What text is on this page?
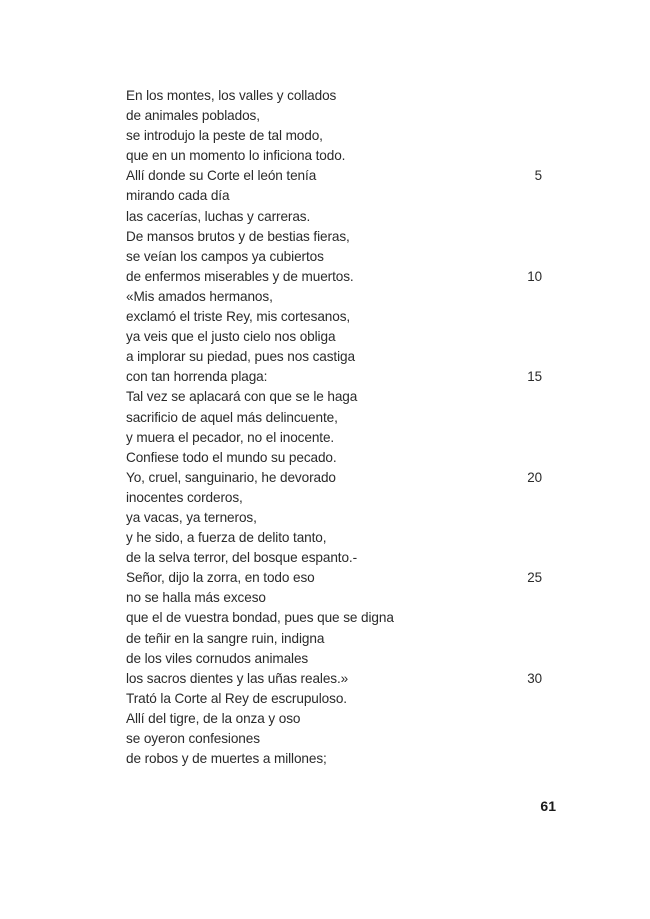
En los montes, los valles y collados
de animales poblados,
se introdujo la peste de tal modo,
que en un momento lo inficiona todo.
Allí donde su Corte el león tenía	5
mirando cada día
las cacerías, luchas y carreras.
De mansos brutos y de bestias fieras,
se veían los campos ya cubiertos
de enfermos miserables y de muertos.	10
«Mis amados hermanos,
exclamó el triste Rey, mis cortesanos,
ya veis que el justo cielo nos obliga
a implorar su piedad, pues nos castiga
con tan horrenda plaga:	15
Tal vez se aplacará con que se le haga
sacrificio de aquel más delincuente,
y muera el pecador, no el inocente.
Confiese todo el mundo su pecado.
Yo, cruel, sanguinario, he devorado	20
inocentes corderos,
ya vacas, ya terneros,
y he sido, a fuerza de delito tanto,
de la selva terror, del bosque espanto.-
Señor, dijo la zorra, en todo eso	25
no se halla más exceso
que el de vuestra bondad, pues que se digna
de teñir en la sangre ruin, indigna
de los viles cornudos animales
los sacros dientes y las uñas reales.»	30
Trató la Corte al Rey de escrupuloso.
Allí del tigre, de la onza y oso
se oyeron confesiones
de robos y de muertes a millones;
61
